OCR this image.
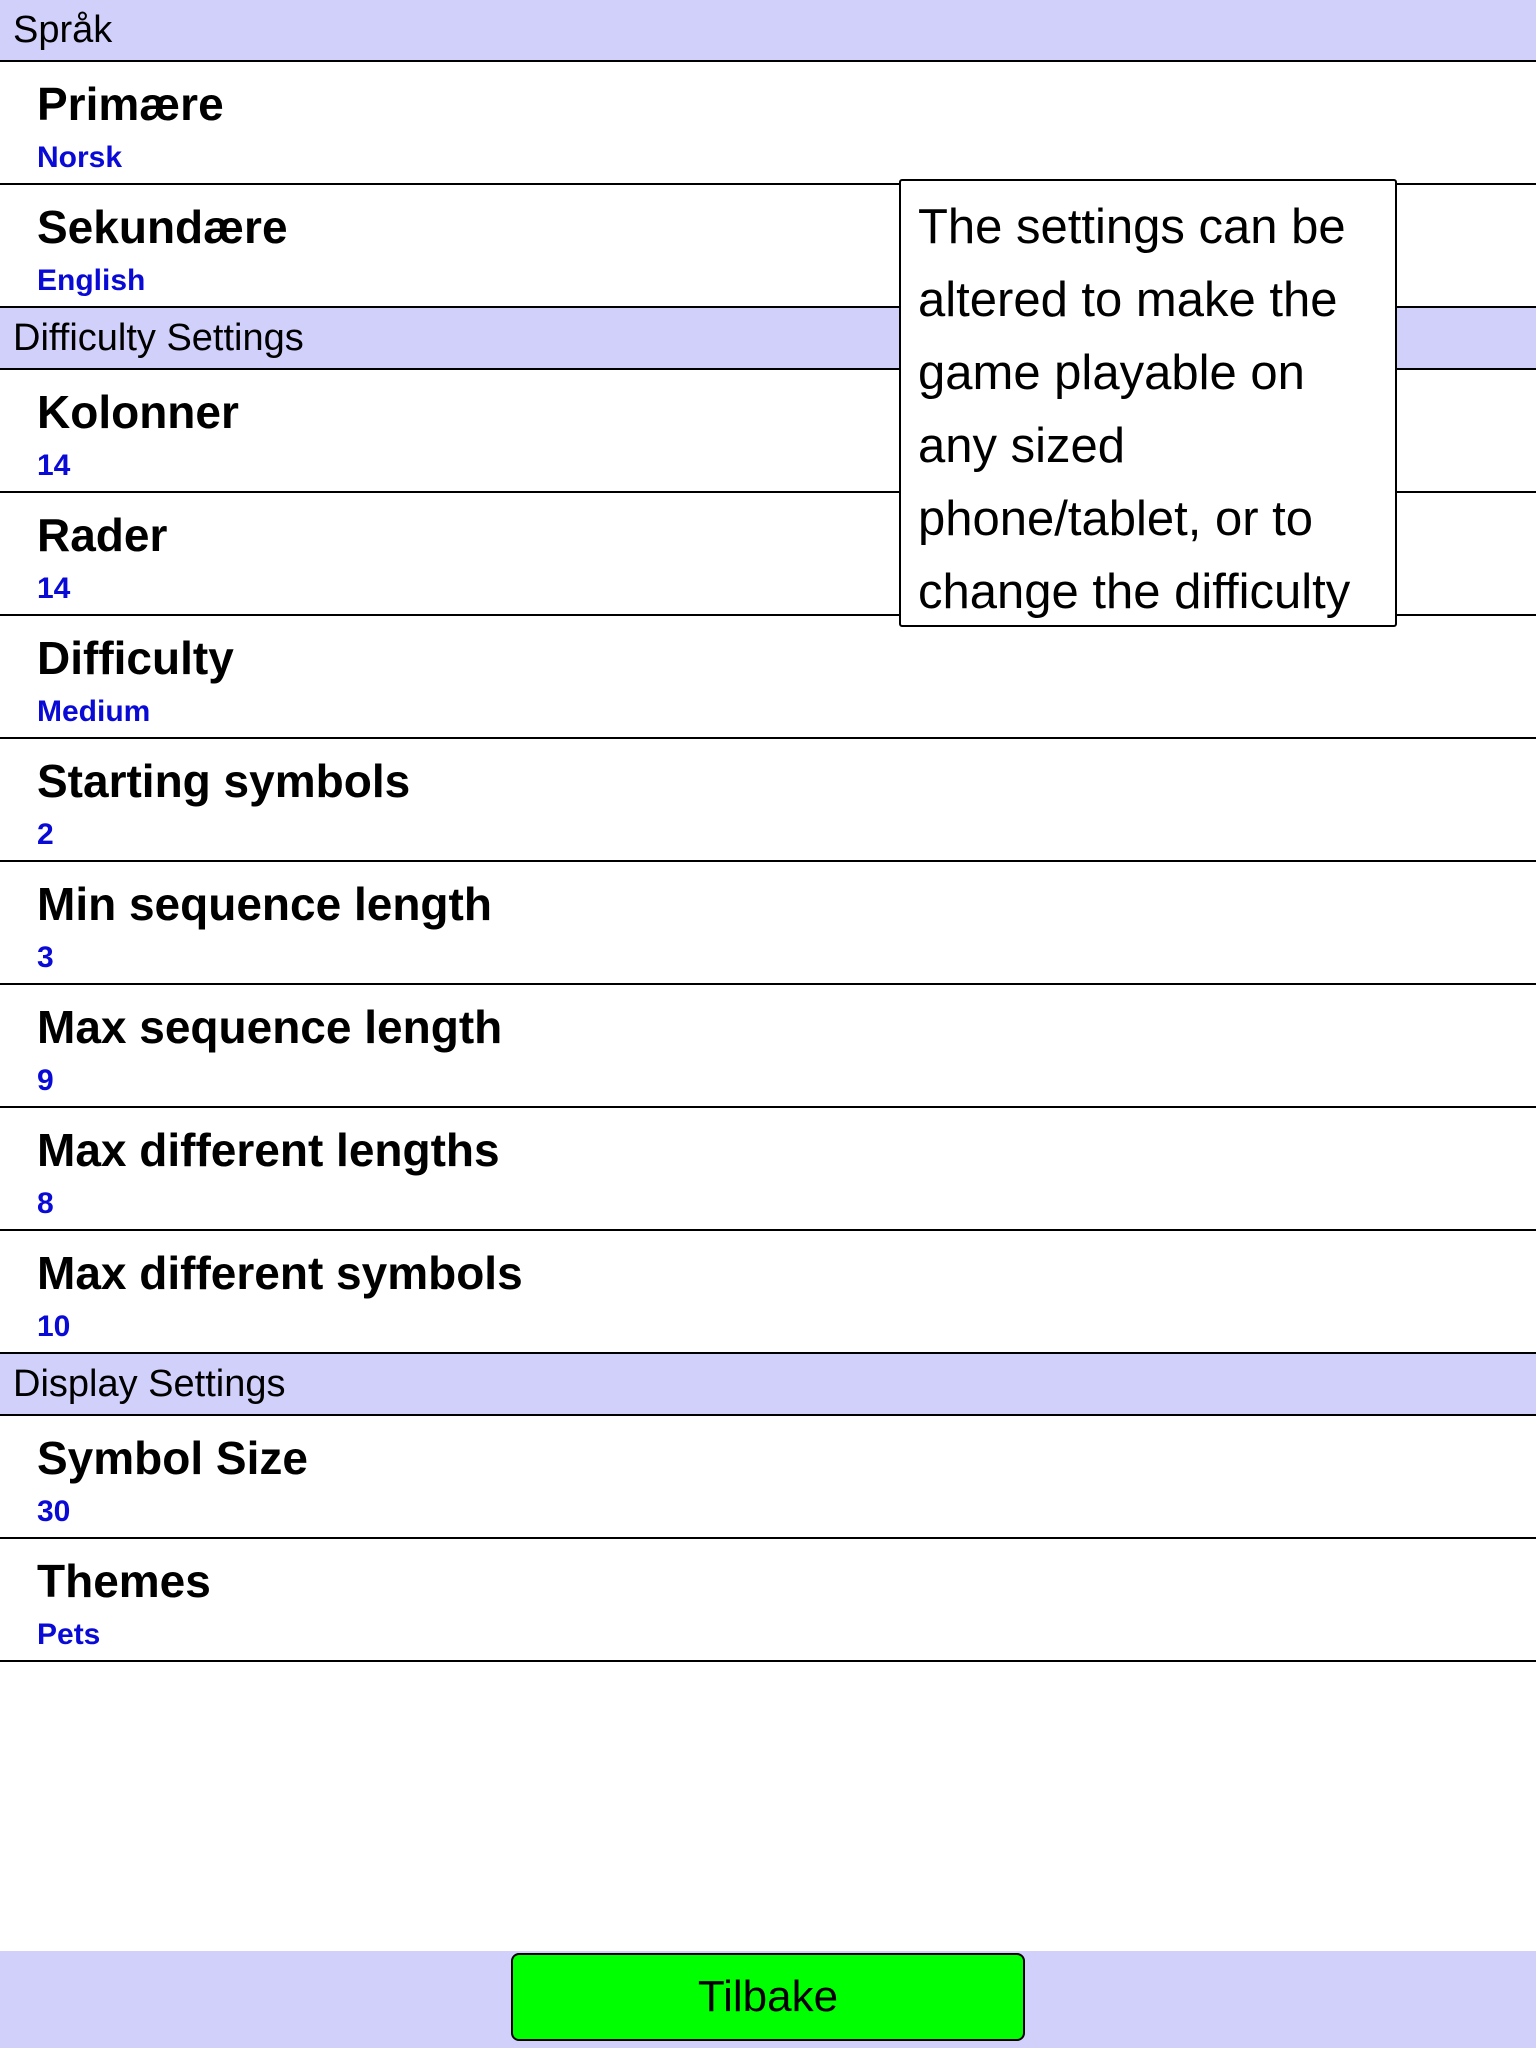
Språk
Primære
Norsk
Sekundære
English
Difficulty Settings
Kolonner
14
Rader
14
Difficulty
Medium
Starting symbols
2
Min sequence length
3
Max sequence length
9
Max different lengths
8
Max different symbols
10
Display Settings
Symbol Size
30
Themes
Pets
The settings can be altered to make the game playable on any sized phone/tablet, or to change the difficulty
Tilbake
